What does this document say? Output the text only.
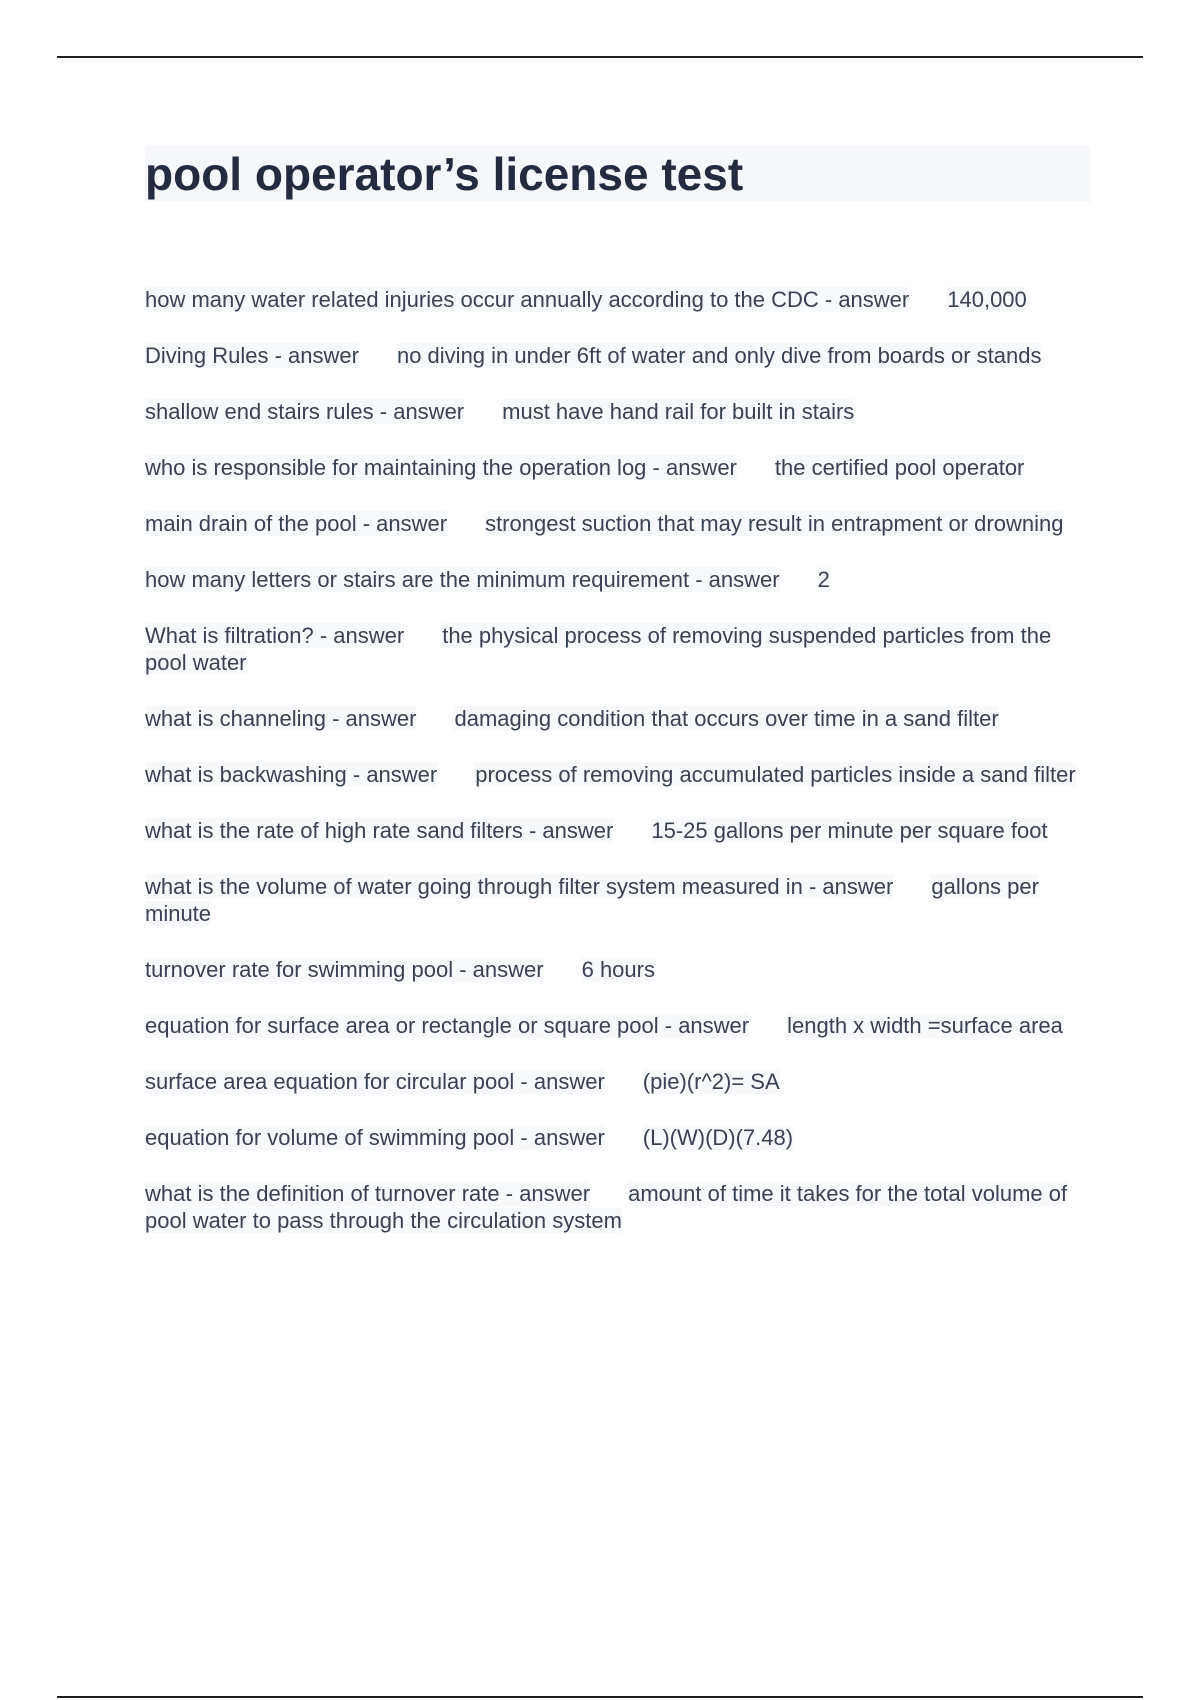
pool operator’s license test

how many water related injuries occur annually according to the CDC - answer 140,000

Diving Rules - answer no diving in under 6ft of water and only dive from boards or stands

shallow end stairs rules - answer must have hand rail for built in stairs

who is responsible for maintaining the operation log - answer the certified pool operator

main drain of the pool - answer strongest suction that may result in entrapment or drowning

how many letters or stairs are the minimum requirement - answer 2

What is filtration? - answer the physical process of removing suspended particles from the pool water

what is channeling - answer damaging condition that occurs over time in a sand filter

what is backwashing - answer process of removing accumulated particles inside a sand filter

what is the rate of high rate sand filters - answer 15-25 gallons per minute per square foot

what is the volume of water going through filter system measured in - answer gallons per minute

turnover rate for swimming pool - answer 6 hours

equation for surface area or rectangle or square pool - answer length x width =surface area

surface area equation for circular pool - answer (pie)(r^2)= SA

equation for volume of swimming pool - answer (L)(W)(D)(7.48)

what is the definition of turnover rate - answer amount of time it takes for the total volume of pool water to pass through the circulation system
